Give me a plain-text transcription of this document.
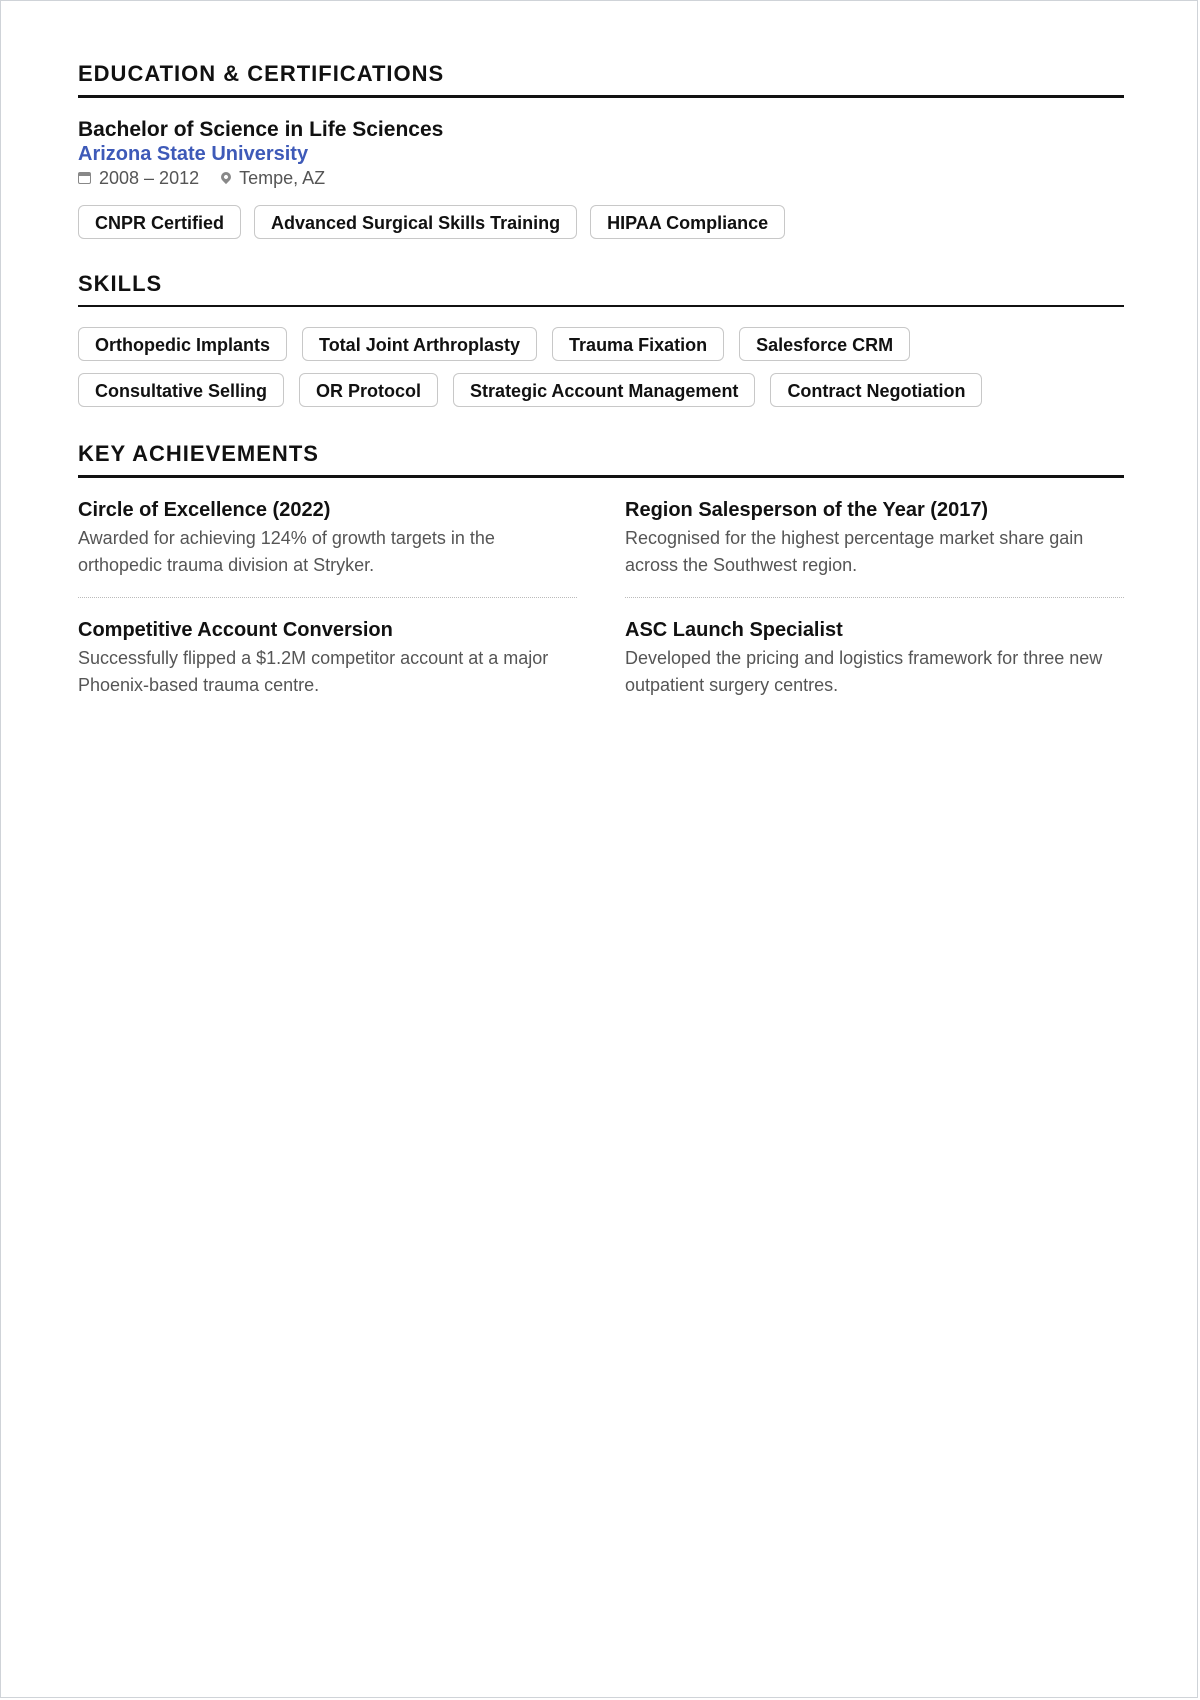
EDUCATION & CERTIFICATIONS
Bachelor of Science in Life Sciences
Arizona State University
2008 – 2012 Tempe, AZ
CNPR Certified	Advanced Surgical Skills Training	HIPAA Compliance
SKILLS
Orthopedic Implants	Total Joint Arthroplasty	Trauma Fixation	Salesforce CRM
Consultative Selling	OR Protocol	Strategic Account Management	Contract Negotiation
KEY ACHIEVEMENTS
Circle of Excellence (2022)
Awarded for achieving 124% of growth targets in the orthopedic trauma division at Stryker.
Region Salesperson of the Year (2017)
Recognised for the highest percentage market share gain across the Southwest region.
Competitive Account Conversion
Successfully flipped a $1.2M competitor account at a major Phoenix-based trauma centre.
ASC Launch Specialist
Developed the pricing and logistics framework for three new outpatient surgery centres.
